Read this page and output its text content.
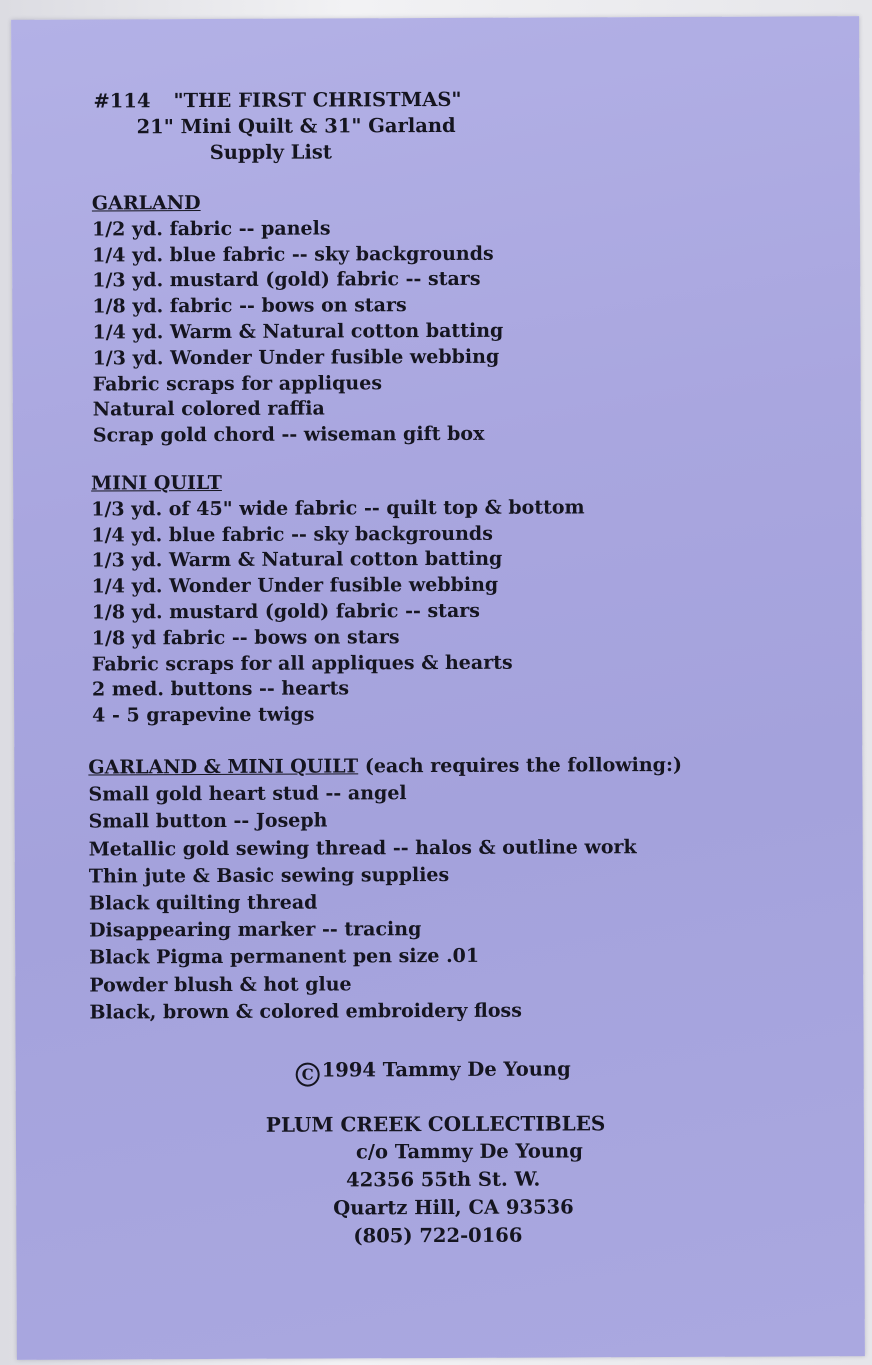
#114 "THE FIRST CHRISTMAS"
21" Mini Quilt & 31" Garland
Supply List
GARLAND
1/2 yd. fabric -- panels
1/4 yd. blue fabric -- sky backgrounds
1/3 yd. mustard (gold) fabric -- stars
1/8 yd. fabric -- bows on stars
1/4 yd. Warm & Natural cotton batting
1/3 yd. Wonder Under fusible webbing
Fabric scraps for appliques
Natural colored raffia
Scrap gold chord -- wiseman gift box
MINI QUILT
1/3 yd. of 45" wide fabric -- quilt top & bottom
1/4 yd. blue fabric -- sky backgrounds
1/3 yd. Warm & Natural cotton batting
1/4 yd. Wonder Under fusible webbing
1/8 yd. mustard (gold) fabric -- stars
1/8 yd fabric -- bows on stars
Fabric scraps for all appliques & hearts
2 med. buttons -- hearts
4 - 5 grapevine twigs
GARLAND & MINI QUILT (each requires the following:)
Small gold heart stud -- angel
Small button -- Joseph
Metallic gold sewing thread -- halos & outline work
Thin jute & Basic sewing supplies
Black quilting thread
Disappearing marker -- tracing
Black Pigma permanent pen size .01
Powder blush & hot glue
Black, brown & colored embroidery floss
C 1994 Tammy De Young
PLUM CREEK COLLECTIBLES
c/o Tammy De Young
42356 55th St. W.
Quartz Hill, CA 93536
(805) 722-0166
